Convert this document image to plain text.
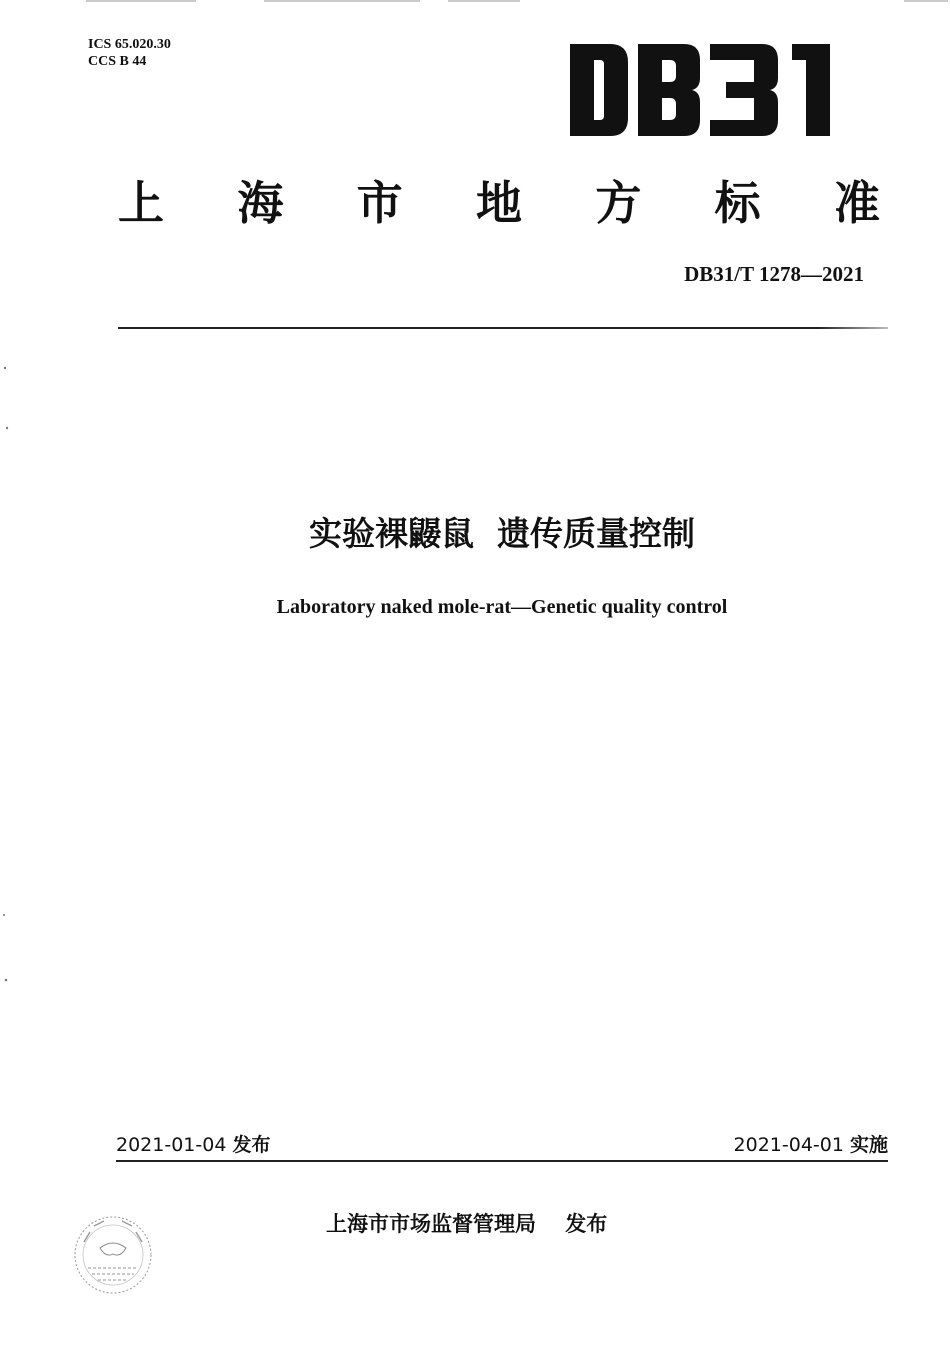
ICS 65.020.30
CCS B 44
上 海 市 地 方 标 准
DB31/T 1278—2021
实验裸鼹鼠  遗传质量控制
Laboratory naked mole-rat—Genetic quality control
2021-01-04 发布	2021-04-01 实施
上海市市场监督管理局 发布
